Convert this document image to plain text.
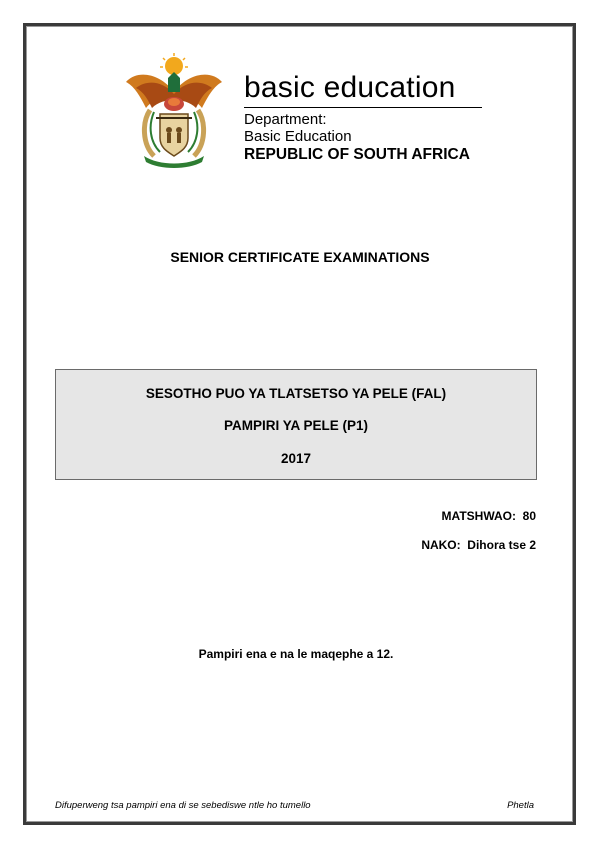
basic education
Department:
Basic Education
REPUBLIC OF SOUTH AFRICA
SENIOR CERTIFICATE EXAMINATIONS
SESOTHO PUO YA TLATSETSO YA PELE (FAL)
PAMPIRI YA PELE (P1)
2017
MATSHWAO:  80
NAKO:  Dihora tse 2
Pampiri ena e na le maqephe a 12.
Difuperweng tsa pampiri ena di se sebediswe ntle ho tumello	Phetla
